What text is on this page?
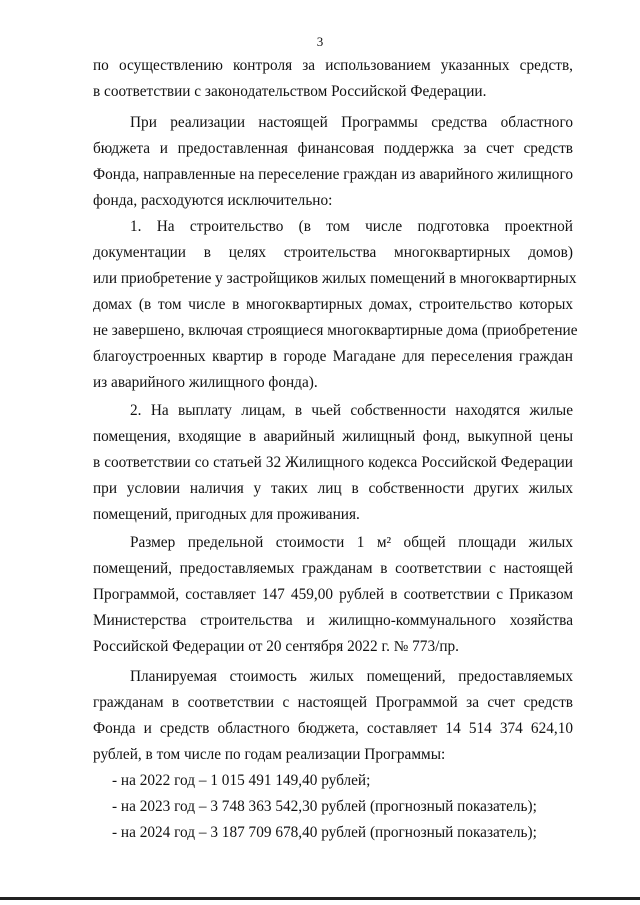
3
по осуществлению контроля за использованием указанных средств,
в соответствии с законодательством Российской Федерации.
При реализации настоящей Программы средства областного
бюджета и предоставленная финансовая поддержка за счет средств
Фонда, направленные на переселение граждан из аварийного жилищного
фонда, расходуются исключительно:
1. На строительство (в том числе подготовка проектной
документации в целях строительства многоквартирных домов)
или приобретение у застройщиков жилых помещений в многоквартирных
домах (в том числе в многоквартирных домах, строительство которых
не завершено, включая строящиеся многоквартирные дома (приобретение
благоустроенных квартир в городе Магадане для переселения граждан
из аварийного жилищного фонда).
2. На выплату лицам, в чьей собственности находятся жилые
помещения, входящие в аварийный жилищный фонд, выкупной цены
в соответствии со статьей 32 Жилищного кодекса Российской Федерации
при условии наличия у таких лиц в собственности других жилых
помещений, пригодных для проживания.
Размер предельной стоимости 1 м² общей площади жилых
помещений, предоставляемых гражданам в соответствии с настоящей
Программой, составляет 147 459,00 рублей в соответствии с Приказом
Министерства строительства и жилищно-коммунального хозяйства
Российской Федерации от 20 сентября 2022 г. № 773/пр.
Планируемая стоимость жилых помещений, предоставляемых
гражданам в соответствии с настоящей Программой за счет средств
Фонда и средств областного бюджета, составляет 14 514 374 624,10
рублей, в том числе по годам реализации Программы:
- на 2022 год – 1 015 491 149,40 рублей;
- на 2023 год – 3 748 363 542,30 рублей (прогнозный показатель);
- на 2024 год – 3 187 709 678,40 рублей (прогнозный показатель);
